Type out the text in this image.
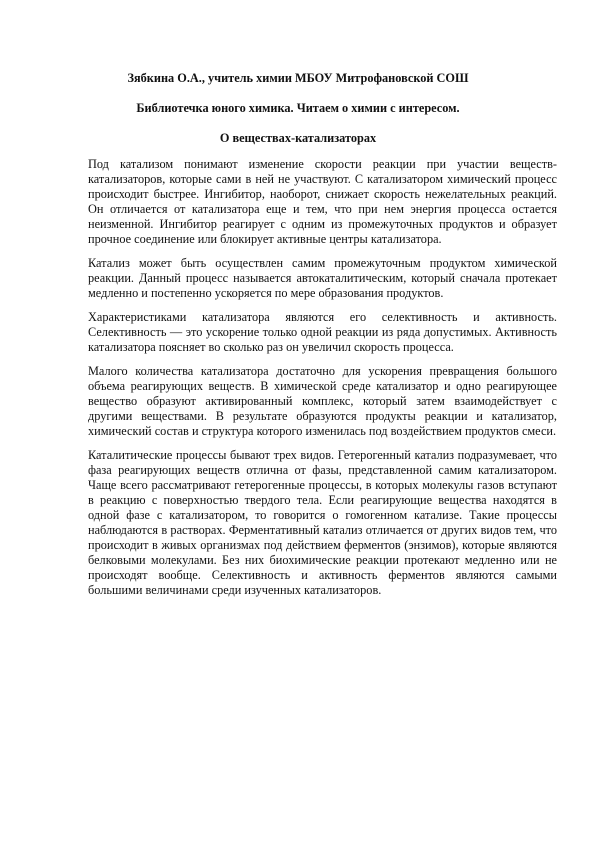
Зябкина О.А., учитель химии МБОУ Митрофановской СОШ
Библиотечка юного химика. Читаем о химии с интересом.
О веществах-катализаторах

Под катализом понимают изменение скорости реакции при участии веществ-катализаторов, которые сами в ней не участвуют. С катализатором химический процесс происходит быстрее. Ингибитор, наоборот, снижает скорость нежелательных реакций. Он отличается от катализатора еще и тем, что при нем энергия процесса остается неизменной. Ингибитор реагирует с одним из промежуточных продуктов и образует прочное соединение или блокирует активные центры катализатора.

Катализ может быть осуществлен самим промежуточным продуктом химической реакции. Данный процесс называется автокаталитическим, который сначала протекает медленно и постепенно ускоряется по мере образования продуктов.

Характеристиками катализатора являются его селективность и активность. Селективность — это ускорение только одной реакции из ряда допустимых. Активность катализатора поясняет во сколько раз он увеличил скорость процесса.

Малого количества катализатора достаточно для ускорения превращения большого объема реагирующих веществ. В химической среде катализатор и одно реагирующее вещество образуют активированный комплекс, который затем взаимодействует с другими веществами. В результате образуются продукты реакции и катализатор, химический состав и структура которого изменилась под воздействием продуктов смеси.

Каталитические процессы бывают трех видов. Гетерогенный катализ подразумевает, что фаза реагирующих веществ отлична от фазы, представленной самим катализатором. Чаще всего рассматривают гетерогенные процессы, в которых молекулы газов вступают в реакцию с поверхностью твердого тела. Если реагирующие вещества находятся в одной фазе с катализатором, то говорится о гомогенном катализе. Такие процессы наблюдаются в растворах. Ферментативный катализ отличается от других видов тем, что происходит в живых организмах под действием ферментов (энзимов), которые являются белковыми молекулами. Без них биохимические реакции протекают медленно или не происходят вообще. Селективность и активность ферментов являются самыми большими величинами среди изученных катализаторов.
